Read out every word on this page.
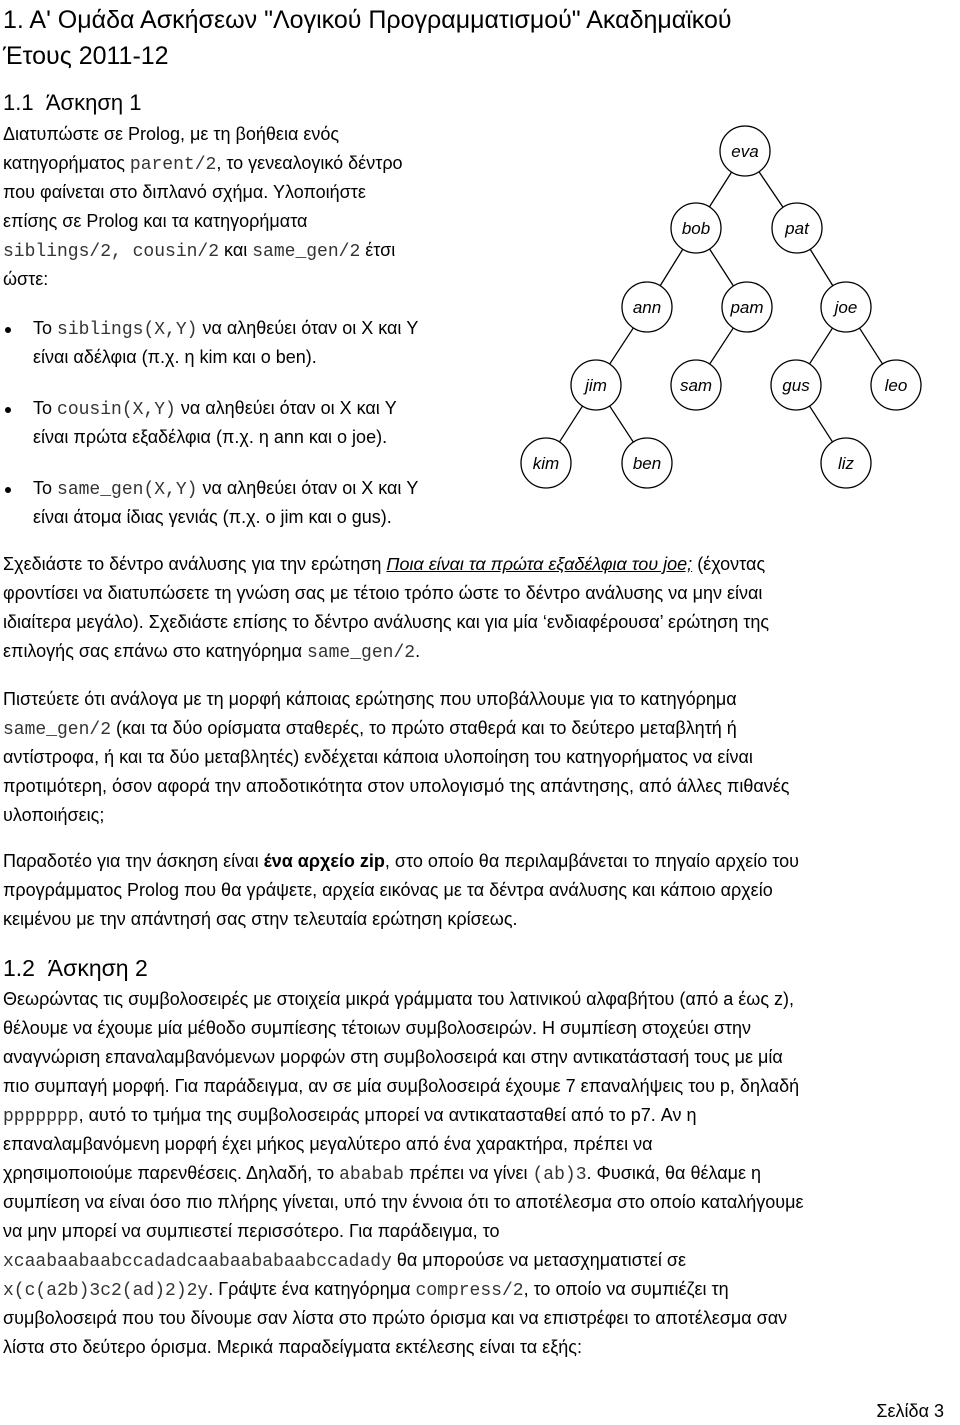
1. Α' Ομάδα Ασκήσεων "Λογικού Προγραμματισμού" Ακαδημαϊκού
Έτους 2011-12
1.1 Άσκηση 1
Διατυπώστε σε Prolog, με τη βοήθεια ενός
κατηγορήματος parent/2, το γενεαλογικό δέντρο
που φαίνεται στο διπλανό σχήμα. Υλοποιήστε
επίσης σε Prolog και τα κατηγορήματα
siblings/2, cousin/2 και same_gen/2 έτσι
ώστε:
Το siblings(X,Y) να αληθεύει όταν οι X και Y
είναι αδέλφια (π.χ. η kim και ο ben).
Το cousin(X,Y) να αληθεύει όταν οι X και Y
είναι πρώτα εξαδέλφια (π.χ. η ann και ο joe).
Το same_gen(X,Y) να αληθεύει όταν οι X και Y
είναι άτομα ίδιας γενιάς (π.χ. ο jim και ο gus).
eva
bob	pat
ann	pam	joe
jim	sam	gus	leo
kim	ben	liz
Σχεδιάστε το δέντρο ανάλυσης για την ερώτηση Ποια είναι τα πρώτα εξαδέλφια του joe; (έχοντας
φροντίσει να διατυπώσετε τη γνώση σας με τέτοιο τρόπο ώστε το δέντρο ανάλυσης να μην είναι
ιδιαίτερα μεγάλο). Σχεδιάστε επίσης το δέντρο ανάλυσης και για μία ‘ενδιαφέρουσα’ ερώτηση της
επιλογής σας επάνω στο κατηγόρημα same_gen/2.
Πιστεύετε ότι ανάλογα με τη μορφή κάποιας ερώτησης που υποβάλλουμε για το κατηγόρημα
same_gen/2 (και τα δύο ορίσματα σταθερές, το πρώτο σταθερά και το δεύτερο μεταβλητή ή
αντίστροφα, ή και τα δύο μεταβλητές) ενδέχεται κάποια υλοποίηση του κατηγορήματος να είναι
προτιμότερη, όσον αφορά την αποδοτικότητα στον υπολογισμό της απάντησης, από άλλες πιθανές
υλοποιήσεις;
Παραδοτέο για την άσκηση είναι ένα αρχείο zip, στο οποίο θα περιλαμβάνεται το πηγαίο αρχείο του
προγράμματος Prolog που θα γράψετε, αρχεία εικόνας με τα δέντρα ανάλυσης και κάποιο αρχείο
κειμένου με την απάντησή σας στην τελευταία ερώτηση κρίσεως.
1.2 Άσκηση 2
Θεωρώντας τις συμβολοσειρές με στοιχεία μικρά γράμματα του λατινικού αλφαβήτου (από a έως z),
θέλουμε να έχουμε μία μέθοδο συμπίεσης τέτοιων συμβολοσειρών. Η συμπίεση στοχεύει στην
αναγνώριση επαναλαμβανόμενων μορφών στη συμβολοσειρά και στην αντικατάστασή τους με μία
πιο συμπαγή μορφή. Για παράδειγμα, αν σε μία συμβολοσειρά έχουμε 7 επαναλήψεις του p, δηλαδή
ppppppp, αυτό το τμήμα της συμβολοσειράς μπορεί να αντικατασταθεί από το p7. Αν η
επαναλαμβανόμενη μορφή έχει μήκος μεγαλύτερο από ένα χαρακτήρα, πρέπει να
χρησιμοποιούμε παρενθέσεις. Δηλαδή, το ababab πρέπει να γίνει (ab)3. Φυσικά, θα θέλαμε η
συμπίεση να είναι όσο πιο πλήρης γίνεται, υπό την έννοια ότι το αποτέλεσμα στο οποίο καταλήγουμε
να μην μπορεί να συμπιεστεί περισσότερο. Για παράδειγμα, το
xcaabaabaabccadadcaabaababaabccadady θα μπορούσε να μετασχηματιστεί σε
x(c(a2b)3c2(ad)2)2y. Γράψτε ένα κατηγόρημα compress/2, το οποίο να συμπιέζει τη
συμβολοσειρά που του δίνουμε σαν λίστα στο πρώτο όρισμα και να επιστρέφει το αποτέλεσμα σαν
λίστα στο δεύτερο όρισμα. Μερικά παραδείγματα εκτέλεσης είναι τα εξής:
Σελίδα 3
